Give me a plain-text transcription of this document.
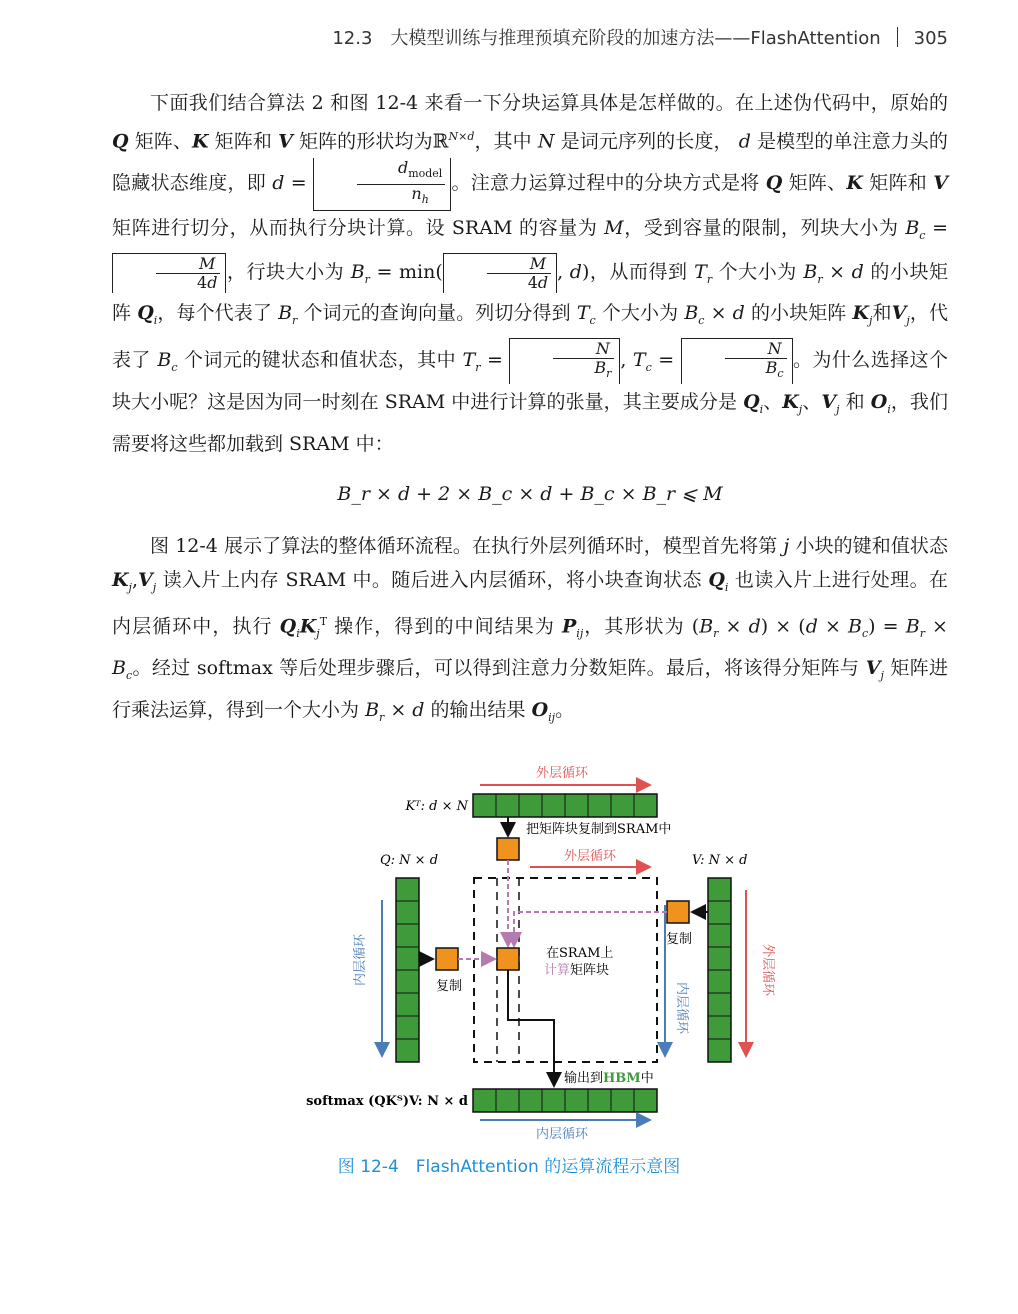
12.3　大模型训练与推理预填充阶段的加速方法——FlashAttention 305

下面我们结合算法 2 和图 12-4 来看一下分块运算具体是怎样做的。在上述伪代码中，原始的 Q 矩阵、K 矩阵和 V 矩阵的形状均为ℝ$^{N\times d}$，其中 N 是词元序列的长度， d 是模型的单注意力头的隐藏状态维度，即 d =	$\frac{d_{model}}{n_h}$ 。注意力运算过程中的分块方式是将 Q 矩阵、K 矩阵和 V 矩阵进行切分，从而执行分块计算。设 SRAM 的容量为 M，受到容量的限制，列块大小为 $B_c$ =
$\frac{M}{4d}$ ，行块大小为 $B_r = \min$(	$\frac{M}{4d}$ , d)，从而得到 $T_r$ 个大小为 $B_r \times d$ 的小块矩阵 $Q_i$，每个代表了 $B_r$ 个词元的查询向量。列切分得到 $T_c$ 个大小为 $B_c \times d$ 的小块矩阵 $K_j$和$V_j$，代表了 $B_c$ 个词元的键状态和值状态，其中 $T_r$ =	$\frac{N}{B_r}$ , $T_c$ =	$\frac{N}{B_c}$ 。为什么选择这个块大小呢？这是因为同一时刻在 SRAM 中进行计算的张量，其主要成分是 $Q_i$、$K_j$、$V_j$ 和 $O_i$，我们需要将这些都加载到 SRAM 中：

B_r × d + 2 × B_c × d + B_c × B_r ⩽ M

图 12-4 展示了算法的整体循环流程。在执行外层列循环时，模型首先将第 j 小块的键和值状态 $K_j,V_j$ 读入片上内存 SRAM 中。随后进入内层循环，将小块查询状态 $Q_i$ 也读入片上进行处理。在内层循环中，执行 $Q_iK_j^T$ 操作，得到的中间结果为 $P_{ij}$，其形状为 $(B_r \times d) \times (d \times B_c) = B_r \times B_c$。经过 softmax 等后处理步骤后，可以得到注意力分数矩阵。最后，将该得分矩阵与 $V_j$ 矩阵进行乘法运算，得到一个大小为 $B_r \times d$ 的输出结果 $O_{ij}$。

外层循环
Kᵀ: d × N
把矩阵块复制到SRAM中
外层循环
Q: N × d
内层循环
复制
V: N × d
外层循环
复制
内层循环
在SRAM上
计算矩阵块
输出到HBM中
softmax (QKᵀ)V: N × d
内层循环
图 12-4　FlashAttention 的运算流程示意图
